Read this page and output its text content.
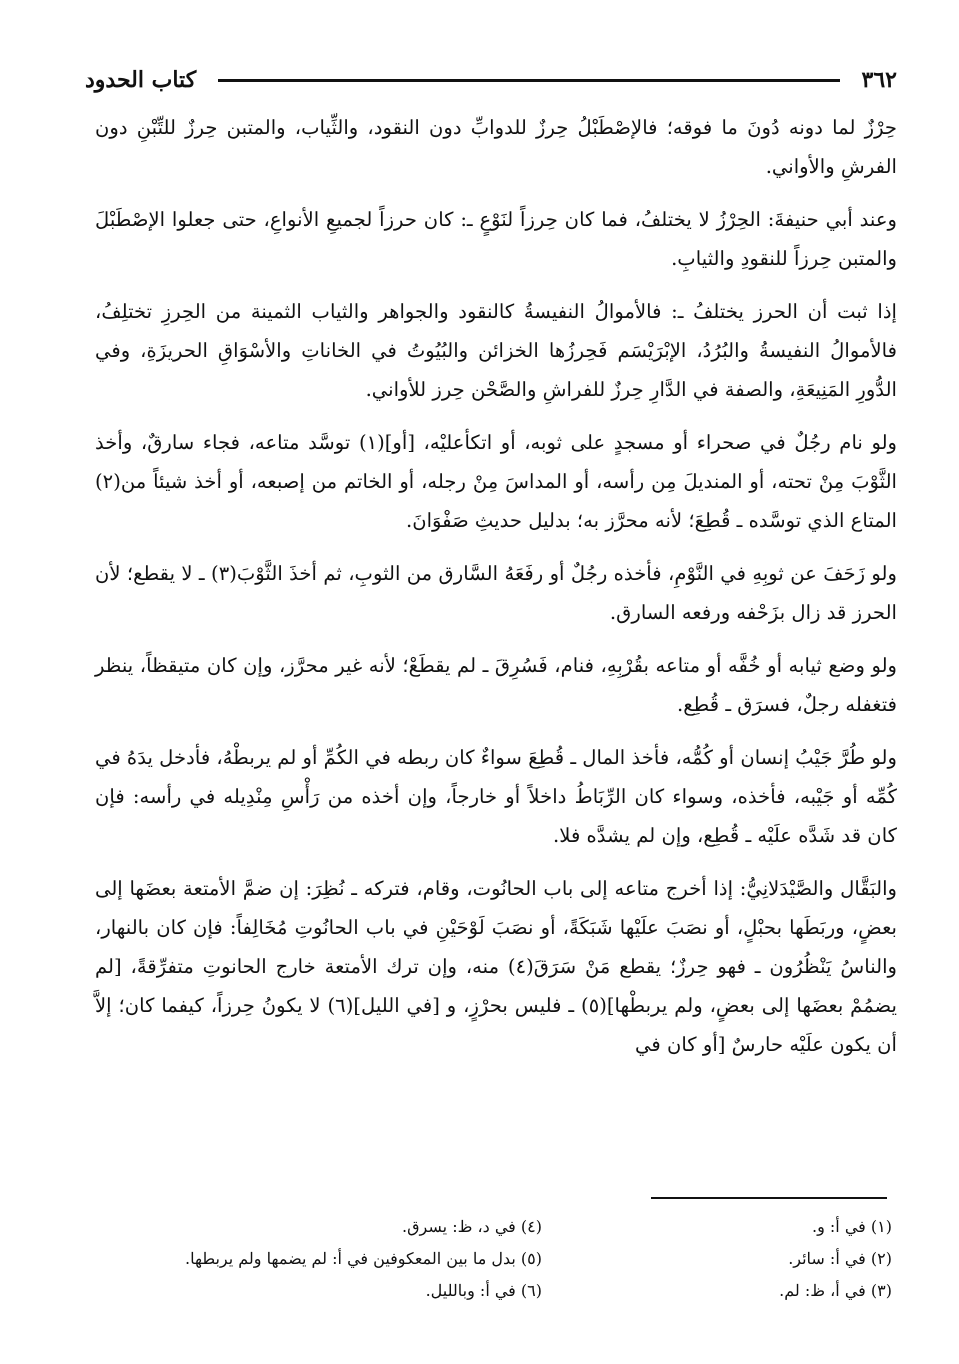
٣٦٢
كتاب الحدود

حِرْزٌ لما دونه دُونَ ما فوقه؛ فالإصْطَبْلُ حِرزٌ للدوابِّ دون النقود، والثِّياب، والمتبن حِرزٌ للتِّبْنِ دون الفرشِ والأواني.

وعند أبي حنيفةَ: الحِرْزُ لا يختلفُ، فما كان حِرزاً لنَوْعٍ ـ: كان حرزاً لجميعِ الأنواعِ، حتى جعلوا الإصْطَبْلَ والمتبن حِرزاً للنقودِ والثيابِ.

إذا ثبت أن الحرز يختلفُ ـ: فالأموالُ النفيسةُ كالنقود والجواهر والثياب الثمينة من الحِرزِ تختلِفُ، فالأموالُ النفيسةُ والبُرُدُ، الإبْرَيْسَم فَحِرزُها الخزائن والبُيُوتُ في الخاناتِ والأسْوَاقِ الحريزَةِ، وفي الدُّورِ المَنِيعَةِ، والصفة في الدَّارِ حِرزٌ للفراشِ والصَّحْن حِرز للأواني.

ولو نام رجُلٌ في صحراء أو مسجدٍ على ثوبه، أو اتكأعليْه، [أو](١) توسَّد متاعه، فجاء سارقٌ، وأخذ الثَّوْبَ مِنْ تحته، أو المنديلَ مِن رأسه، أو المداسَ مِنْ رجله، أو الخاتم من إصبعه، أو أخذ شيئاً من(٢) المتاع الذي توسَّده ـ قُطِعَ؛ لأنه محرَّز به؛ بدليل حديثِ صَفْوَانَ.

ولو زَحَفَ عن ثوبِهِ في النَّوْمِ، فأخذه رجُلٌ أو رفَعَهُ السَّارق من الثوبِ، ثم أخذَ الثَّوْبَ(٣) ـ لا يقطع؛ لأن الحرز قد زال بزَحْفه ورفعه السارق.

ولو وضع ثيابه أو خُفَّه أو متاعه بقُرْبِهِ، فنام، فَسُرِقَ ـ لم يقطَعْ؛ لأنه غير محرَّز، وإن كان متيقظاً، ينظر فتغفله رجلٌ، فسرَق ـ قُطِع.

ولو طُرَّ جَيْبُ إنسان أو كُمُّه، فأخذ المال ـ قُطِعَ سواءٌ كان ربطه في الكُمِّ أو لم يربطْهُ، فأدخل يدَهُ في كُمِّه أو جَيْبه، فأخذه، وسواء كان الرِّبَاطُ داخلاً أو خارجاً، وإن أخذه من رَأْسِ مِنْدِيله في رأسه: فإن كان قد شَدَّه علَيْه ـ قُطِع، وإن لم يشدَّه فلا.

والبَقَّال والصَّيْدَلانِيُّ: إذا أخرج متاعه إلى باب الحانُوت، وقام، فتركه ـ نُظِرَ: إن ضمَّ الأمتعة بعضَها إلى بعضٍ، وربَطَها بحبْلٍ، أو نصَبَ علَيْها شَبَكَةً، أو نصَبَ لَوْحَيْنِ في باب الحانُوتِ مُخَالِفاً: فإن كان بالنهار، والناسُ يَنْظُرُون ـ فهو حِرزٌ؛ يقطع مَنْ سَرَقَ(٤) منه، وإن ترك الأمتعة خارج الحانوتِ متفرِّقةً، [لم يضمُمْ بعضَها إلى بعضٍ، ولم يربطْها](٥) ـ فليس بحرْزٍ، و [في الليل](٦) لا يكونُ حِرزاً، كيفما كان؛ إلاَّ أن يكون علَيْه حارسٌ [أو كان في

(١) في أ: و.
(٤) في د، ظ: يسرق.
(٢) في أ: سائر.
(٥) بدل ما بين المعكوفين في أ: لم يضمها ولم يربطها.
(٣) في أ، ظ: لم.
(٦) في أ: وبالليل.
